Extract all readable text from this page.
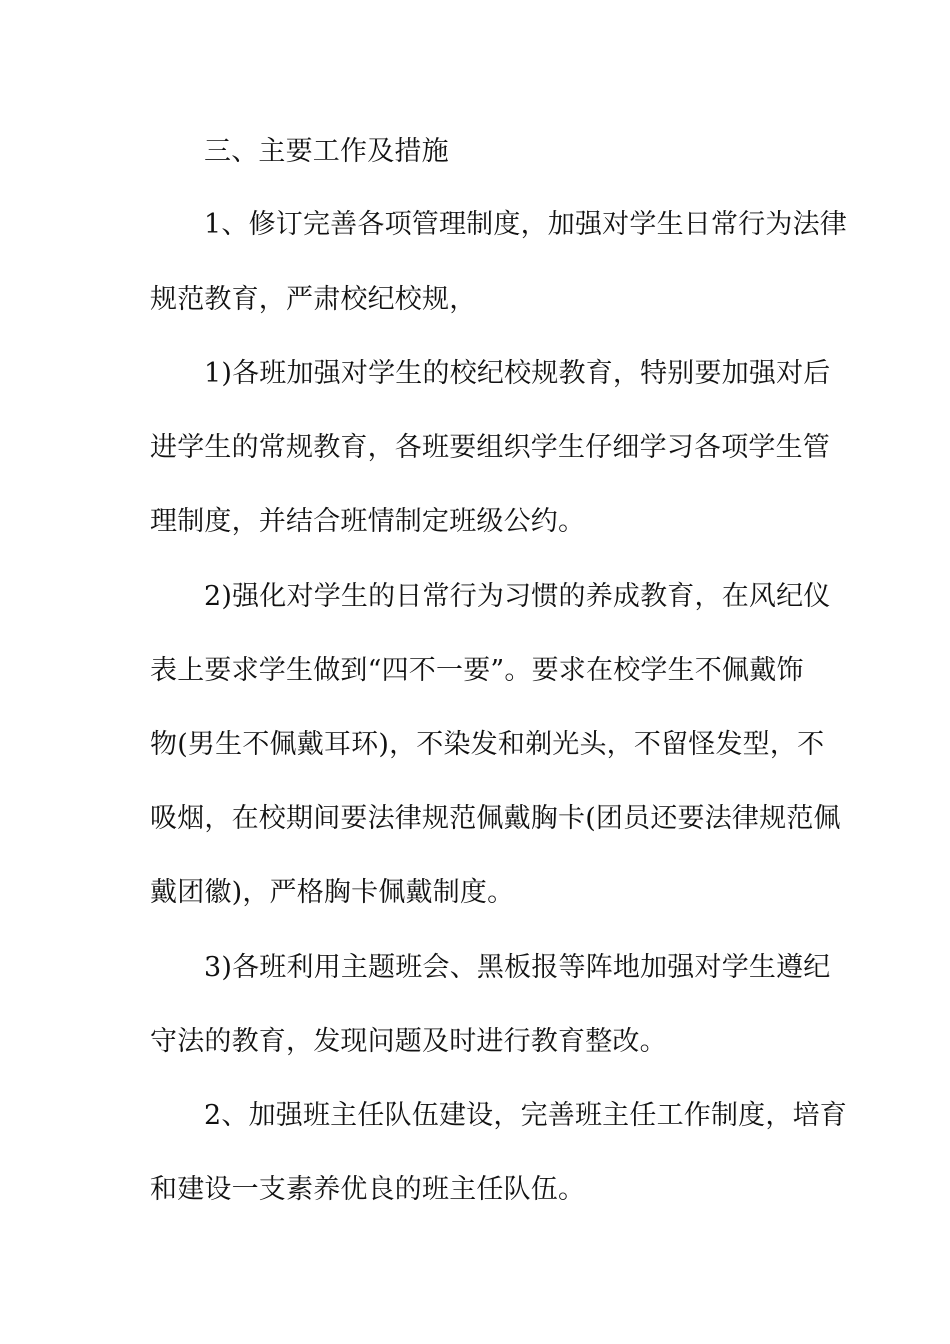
三、主要工作及措施
1、修订完善各项管理制度，加强对学生日常行为法律
规范教育，严肃校纪校规，
1)各班加强对学生的校纪校规教育，特别要加强对后
进学生的常规教育，各班要组织学生仔细学习各项学生管
理制度，并结合班情制定班级公约。
2)强化对学生的日常行为习惯的养成教育，在风纪仪
表上要求学生做到“四不一要”。要求在校学生不佩戴饰
物(男生不佩戴耳环)，不染发和剃光头，不留怪发型，不
吸烟，在校期间要法律规范佩戴胸卡(团员还要法律规范佩
戴团徽)，严格胸卡佩戴制度。
3)各班利用主题班会、黑板报等阵地加强对学生遵纪
守法的教育，发现问题及时进行教育整改。
2、加强班主任队伍建设，完善班主任工作制度，培育
和建设一支素养优良的班主任队伍。
